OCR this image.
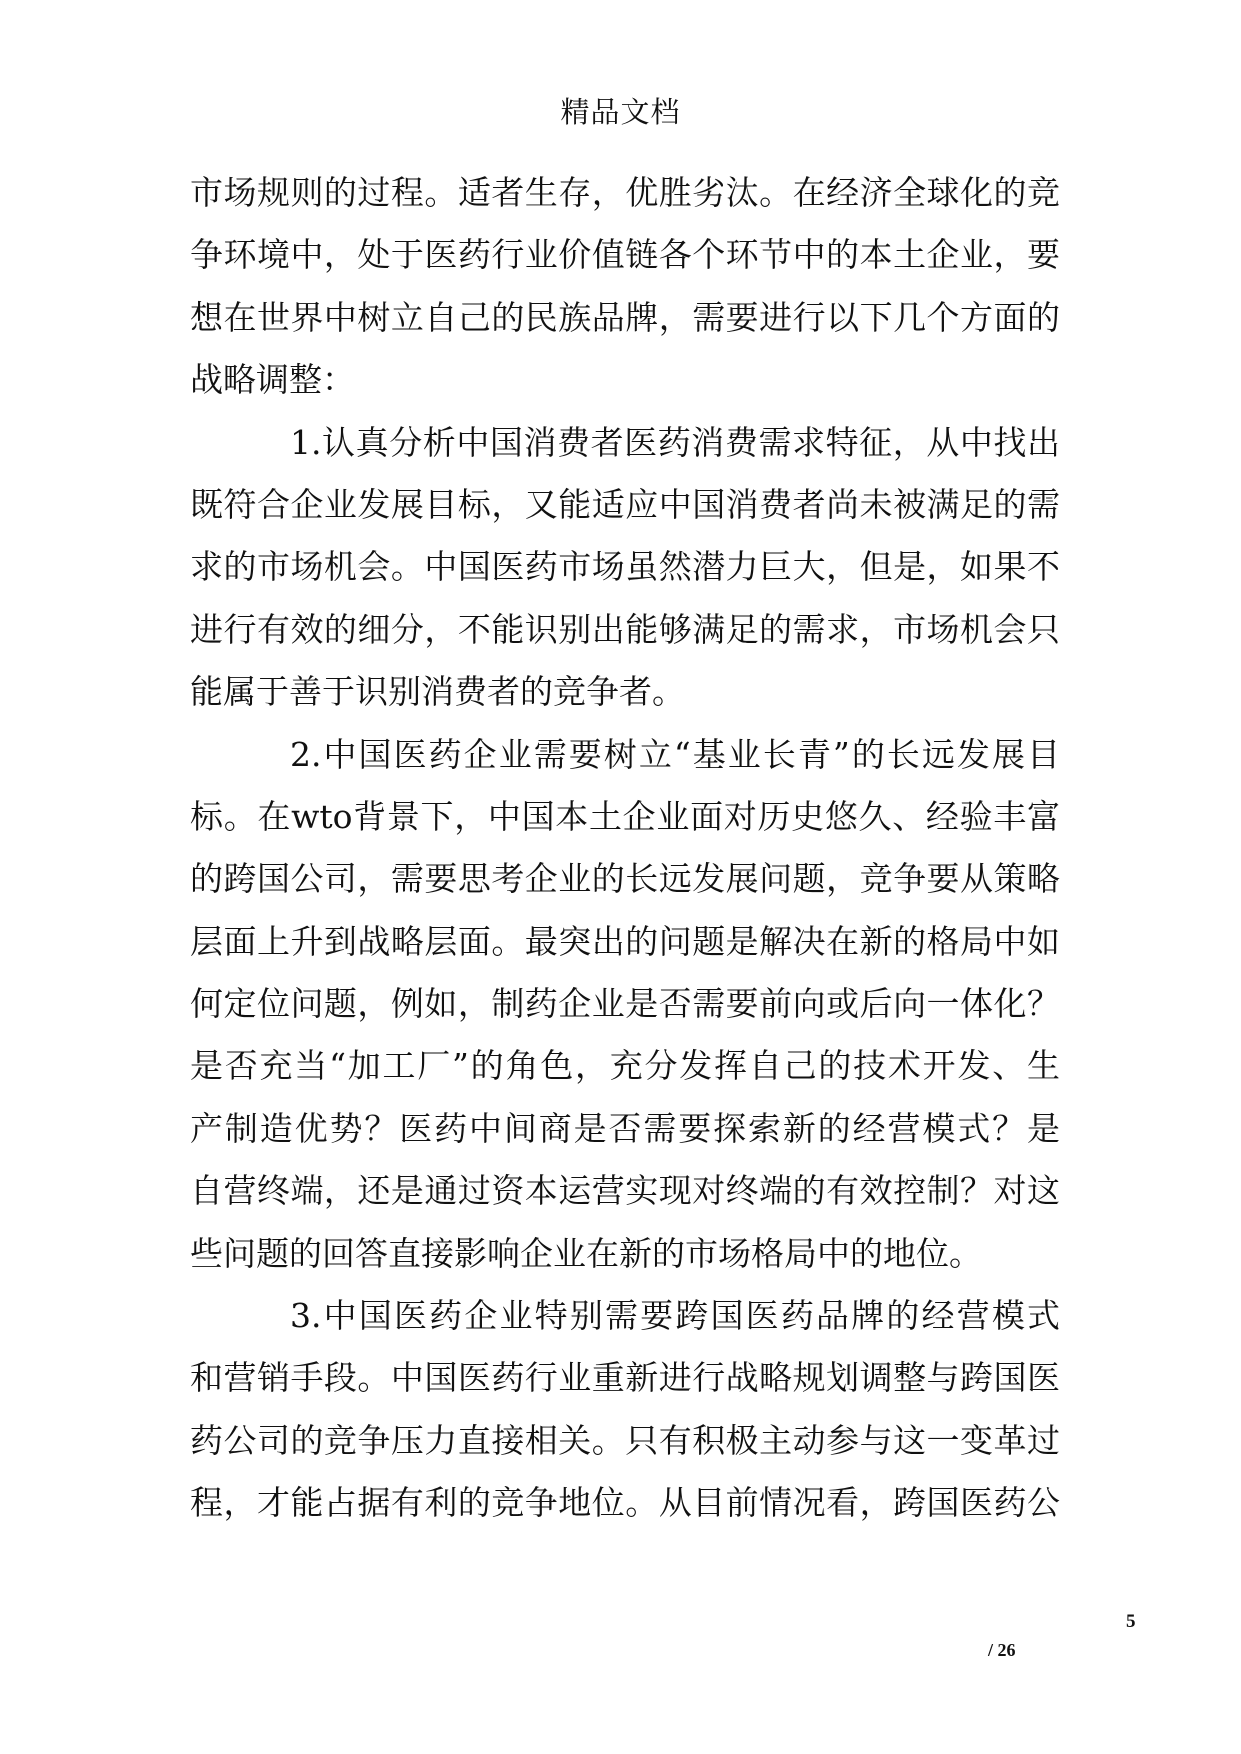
精品文档
市场规则的过程。适者生存，优胜劣汰。在经济全球化的竞
争环境中，处于医药行业价值链各个环节中的本土企业，要
想在世界中树立自己的民族品牌，需要进行以下几个方面的
战略调整：
1.认真分析中国消费者医药消费需求特征，从中找出
既符合企业发展目标，又能适应中国消费者尚未被满足的需
求的市场机会。中国医药市场虽然潜力巨大，但是，如果不
进行有效的细分，不能识别出能够满足的需求，市场机会只
能属于善于识别消费者的竞争者。
2.中国医药企业需要树立“基业长青”的长远发展目
标。在wto背景下，中国本土企业面对历史悠久、经验丰富
的跨国公司，需要思考企业的长远发展问题，竞争要从策略
层面上升到战略层面。最突出的问题是解决在新的格局中如
何定位问题，例如，制药企业是否需要前向或后向一体化？
是否充当“加工厂”的角色，充分发挥自己的技术开发、生
产制造优势？医药中间商是否需要探索新的经营模式？是
自营终端，还是通过资本运营实现对终端的有效控制？对这
些问题的回答直接影响企业在新的市场格局中的地位。
3.中国医药企业特别需要跨国医药品牌的经营模式
和营销手段。中国医药行业重新进行战略规划调整与跨国医
药公司的竞争压力直接相关。只有积极主动参与这一变革过
程，才能占据有利的竞争地位。从目前情况看，跨国医药公
5
/ 26
